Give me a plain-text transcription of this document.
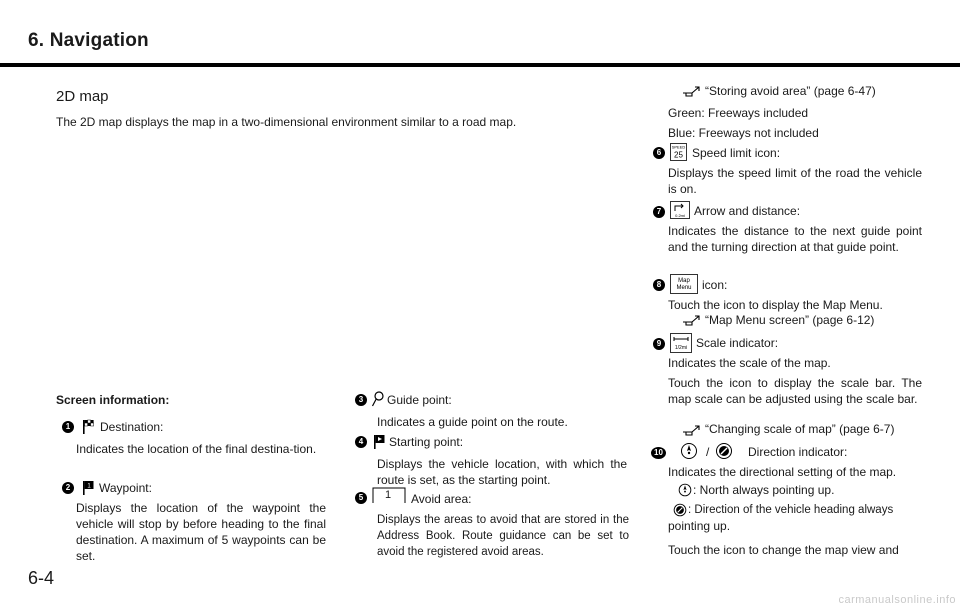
6. Navigation
2D map
The 2D map displays the map in a two-dimensional environment similar to a road map.
Screen information:
1	Destination:
Indicates the location of the final destina-tion.
2	1 Waypoint:
Displays the location of the waypoint the vehicle will stop by before heading to the final destination. A maximum of 5 waypoints can be set.
3	Guide point:
Indicates a guide point on the route.
4	Starting point:
Displays the vehicle location, with which the route is set, as the starting point.
5	1 Avoid area:
Displays the areas to avoid that are stored in the Address Book. Route guidance can be set to avoid the registered avoid areas.
“Storing avoid area” (page 6-47)
Green: Freeways included
Blue: Freeways not included
6
SPEED
25 Speed limit icon:
Displays the speed limit of the road the vehicle is on.
7	0.2mi Arrow and distance:
Indicates the distance to the next guide point and the turning direction at that guide point.
8	Map
Menu icon:
Touch the icon to display the Map Menu.
“Map Menu screen” (page 6-12)
9	1/2mi Scale indicator:
Indicates the scale of the map.
Touch the icon to display the scale bar. The map scale can be adjusted using the scale bar.
“Changing scale of map” (page 6-7)
10	/	Direction indicator:
Indicates the directional setting of the map.
: North always pointing up.
: Direction of the vehicle heading always
pointing up.
Touch the icon to change the map view and
6-4
carmanualsonline.info
